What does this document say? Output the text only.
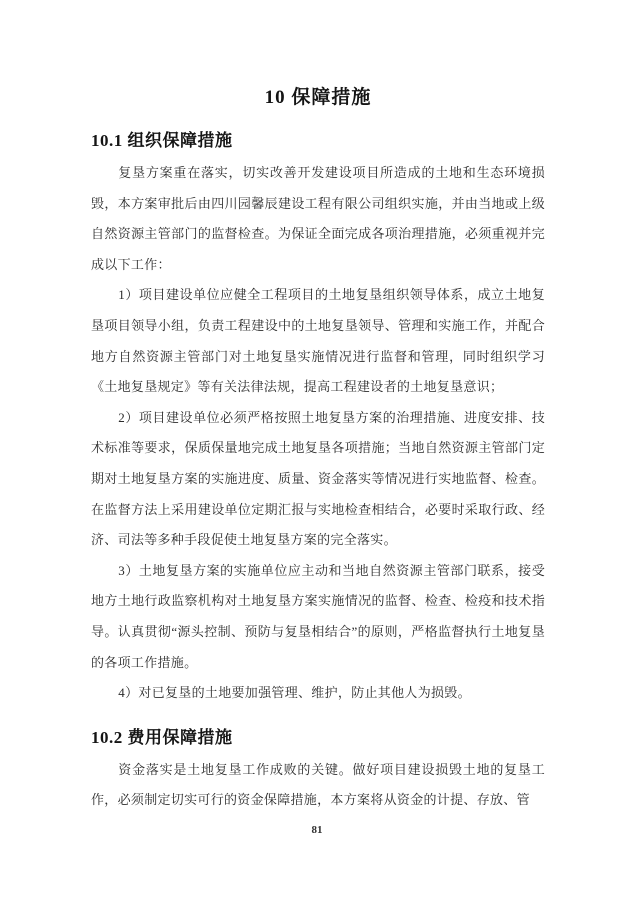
10 保障措施
10.1 组织保障措施

复垦方案重在落实，切实改善开发建设项目所造成的土地和生态环境损毁，本方案审批后由四川园馨辰建设工程有限公司组织实施，并由当地或上级自然资源主管部门的监督检查。为保证全面完成各项治理措施，必须重视并完成以下工作：

1）项目建设单位应健全工程项目的土地复垦组织领导体系，成立土地复垦项目领导小组，负责工程建设中的土地复垦领导、管理和实施工作，并配合地方自然资源主管部门对土地复垦实施情况进行监督和管理，同时组织学习《土地复垦规定》等有关法律法规，提高工程建设者的土地复垦意识；

2）项目建设单位必须严格按照土地复垦方案的治理措施、进度安排、技术标准等要求，保质保量地完成土地复垦各项措施；当地自然资源主管部门定期对土地复垦方案的实施进度、质量、资金落实等情况进行实地监督、检查。在监督方法上采用建设单位定期汇报与实地检查相结合，必要时采取行政、经济、司法等多种手段促使土地复垦方案的完全落实。

3）土地复垦方案的实施单位应主动和当地自然资源主管部门联系，接受地方土地行政监察机构对土地复垦方案实施情况的监督、检查、检疫和技术指导。认真贯彻“源头控制、预防与复垦相结合”的原则，严格监督执行土地复垦的各项工作措施。

4）对已复垦的土地要加强管理、维护，防止其他人为损毁。

10.2 费用保障措施

资金落实是土地复垦工作成败的关键。做好项目建设损毁土地的复垦工作，必须制定切实可行的资金保障措施，本方案将从资金的计提、存放、管

81
